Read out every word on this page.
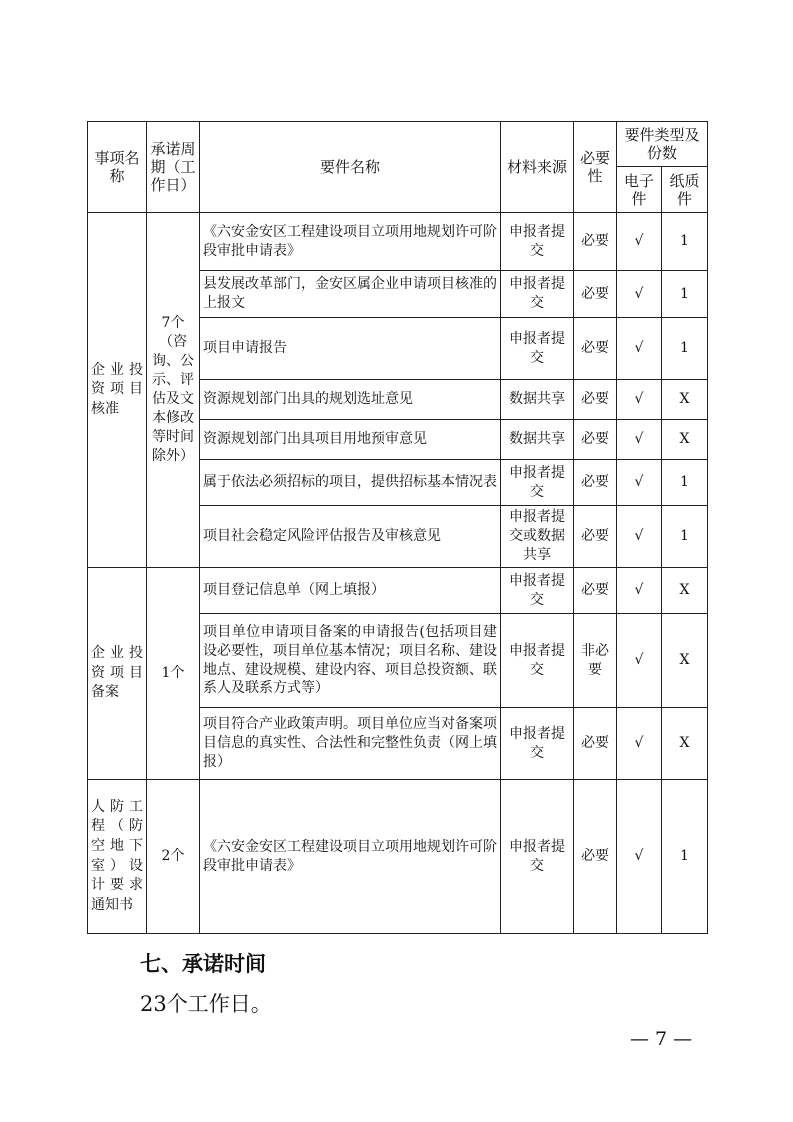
事项名称	承诺周期（工作日）	要件名称	材料来源	必要性	要件类型及份数	
					电子件	纸质件
企业投资项目核准	7个（咨询、公示、评估及文本修改等时间除外）	《六安金安区工程建设项目立项用地规划许可阶段审批申请表》	申报者提交	必要	√	1
		县发展改革部门，金安区属企业申请项目核准的上报文	申报者提交	必要	√	1
		项目申请报告	申报者提交	必要	√	1
		资源规划部门出具的规划选址意见	数据共享	必要	√	X
		资源规划部门出具项目用地预审意见	数据共享	必要	√	X
		属于依法必须招标的项目，提供招标基本情况表	申报者提交	必要	√	1
		项目社会稳定风险评估报告及审核意见	申报者提交或数据共享	必要	√	1
企业投资项目备案	1个	项目登记信息单（网上填报）	申报者提交	必要	√	X
		项目单位申请项目备案的申请报告(包括项目建设必要性，项目单位基本情况；项目名称、建设地点、建设规模、建设内容、项目总投资额、联系人及联系方式等）	申报者提交	非必要	√	X
		项目符合产业政策声明。项目单位应当对备案项目信息的真实性、合法性和完整性负责（网上填报）	申报者提交	必要	√	X
人防工程（防空地下室）设计要求通知书	2个	《六安金安区工程建设项目立项用地规划许可阶段审批申请表》	申报者提交	必要	√	1
七、承诺时间
23个工作日。
— 7 —
